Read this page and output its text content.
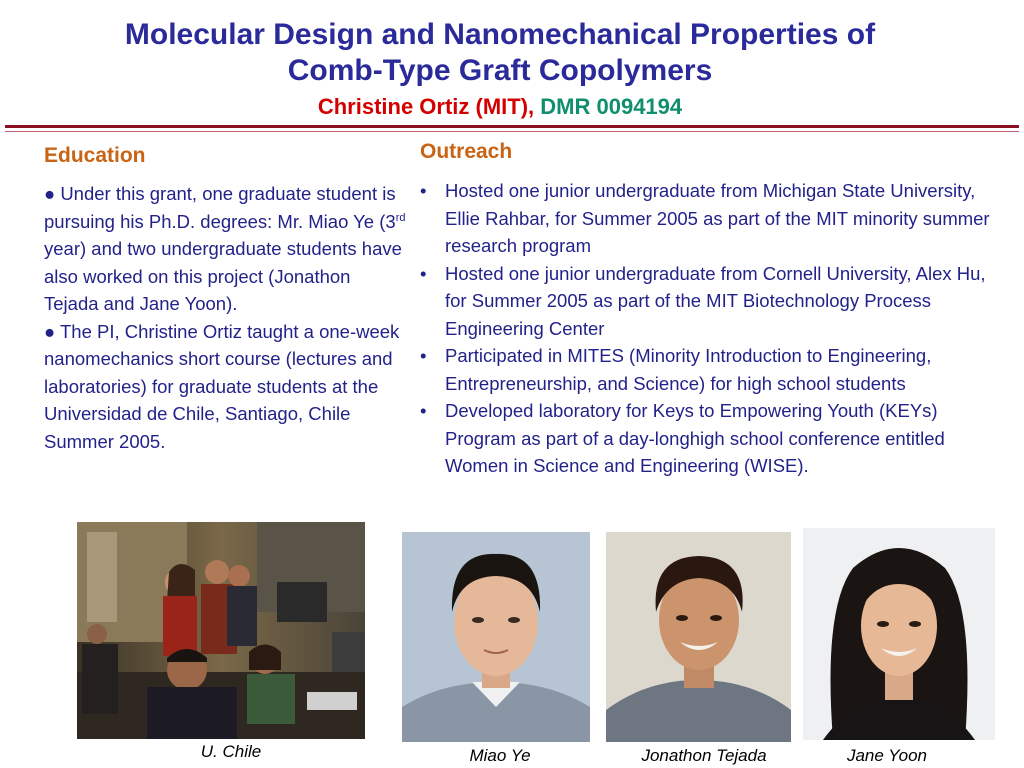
Molecular Design and Nanomechanical Properties of
Comb-Type Graft Copolymers
Christine Ortiz (MIT), DMR 0094194
Education
● Under this grant, one graduate student is pursuing his Ph.D. degrees: Mr. Miao Ye (3rd year) and two undergraduate students have also worked on this project (Jonathon Tejada and Jane Yoon).
● The PI, Christine Ortiz taught a one-week nanomechanics short course (lectures and laboratories) for graduate students at the Universidad de Chile, Santiago, Chile Summer 2005.
Outreach
• Hosted one junior undergraduate from Michigan State University, Ellie Rahbar, for Summer 2005 as part of the MIT minority summer research program
• Hosted one junior undergraduate from Cornell University, Alex Hu, for Summer 2005 as part of the MIT Biotechnology Process Engineering Center
• Participated in MITES (Minority Introduction to Engineering, Entrepreneurship, and Science) for high school students
• Developed laboratory for Keys to Empowering Youth (KEYs) Program as part of a day-longhigh school conference entitled Women in Science and Engineering (WISE).
U. Chile	Miao Ye	Jonathon Tejada	Jane Yoon
